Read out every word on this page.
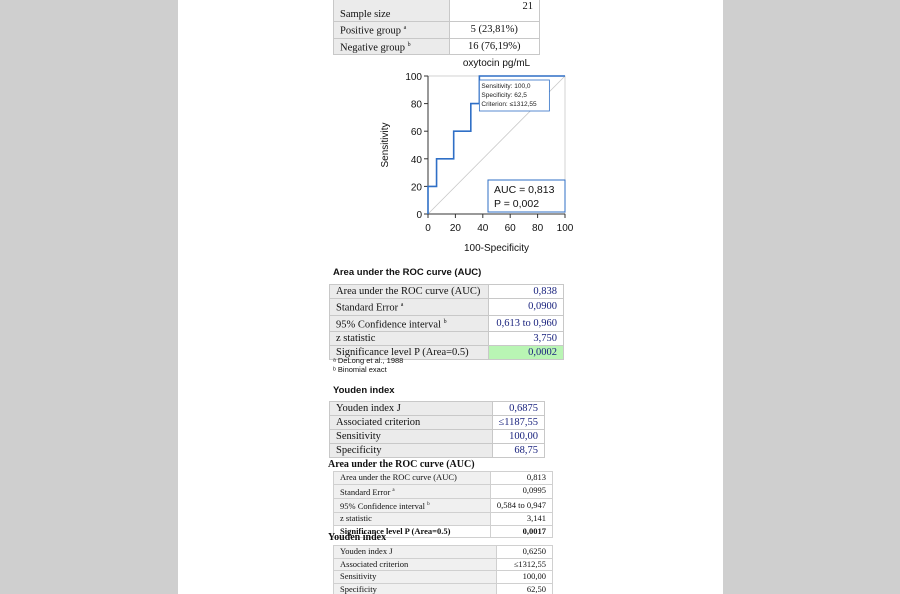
Sample size	21
Positive group $^a$	5 (23,81%)
Negative group $^b$	16 (76,19%)
oxytocin pg/mL
0
0
20
20
40
40
60
60
80
80
100
100
100-Specificity
Sensitivity
Sensitivity: 100,0
Specificity: 62,5
Criterion: ≤1312,55
AUC = 0,813
P = 0,002
Area under the ROC curve (AUC)
Area under the ROC curve (AUC)	0,838
Standard Error $^a$	0,0900
95% Confidence interval $^b$	0,613 to 0,960
z statistic	3,750
Significance level P (Area=0.5)	0,0002
ᵃ DeLong et al., 1988
ᵇ Binomial exact
Youden index
Youden index J	0,6875
Associated criterion	≤1187,55
Sensitivity	100,00
Specificity	68,75
Area under the ROC curve (AUC)
Area under the ROC curve (AUC)	0,813
Standard Error $^a$	0,0995
95% Confidence interval $^b$	0,584 to 0,947
z statistic	3,141
Significance level P (Area=0.5)	0,0017
Youden index
Youden index J	0,6250
Associated criterion	≤1312,55
Sensitivity	100,00
Specificity	62,50
